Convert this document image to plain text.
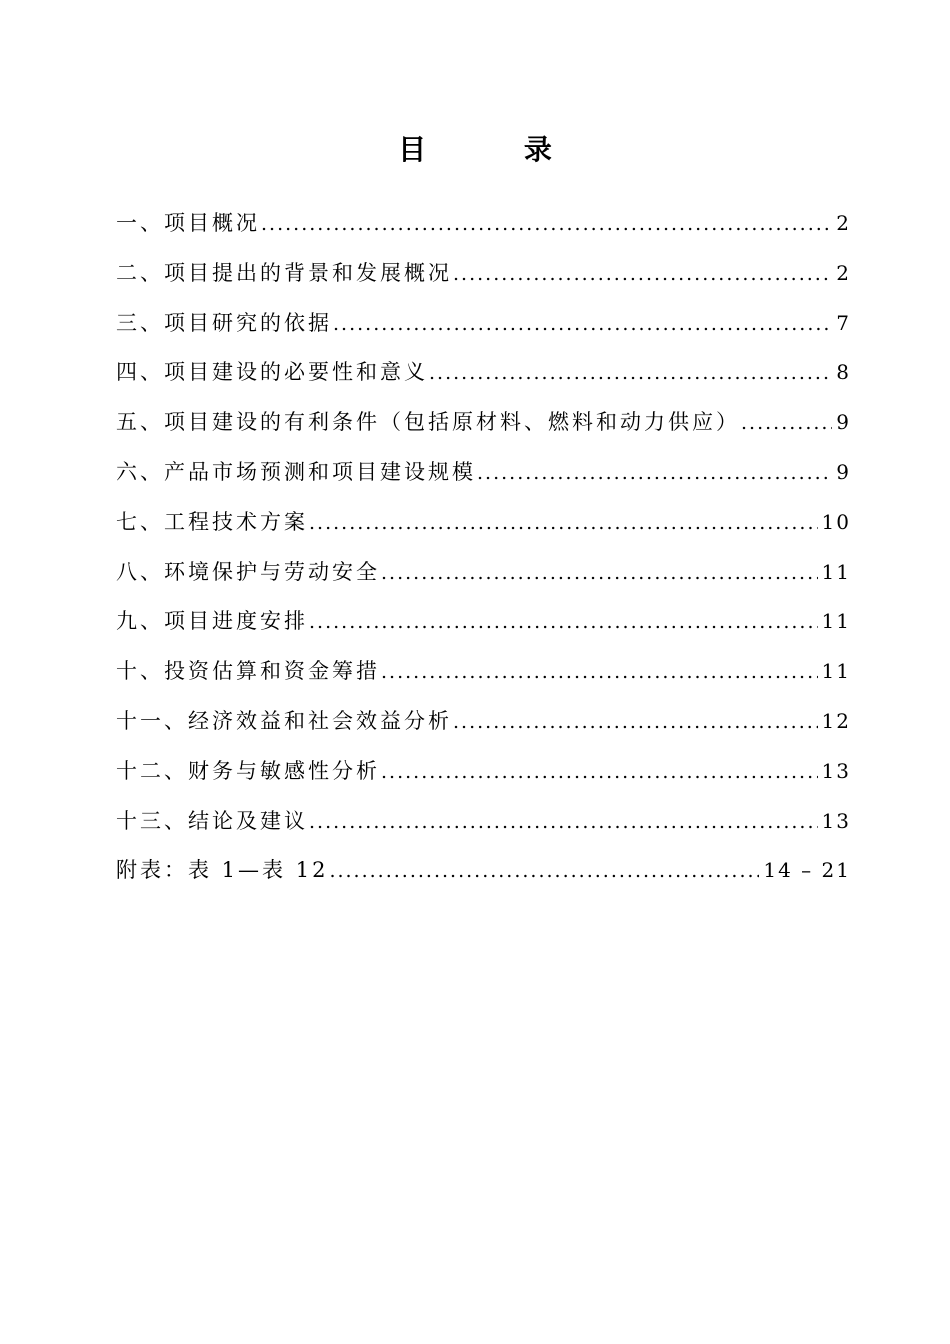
目 录
一、项目概况 .....	2
二、项目提出的背景和发展概况 .....	2
三、项目研究的依据 .....	7
四、项目建设的必要性和意义 .....	8
五、项目建设的有利条件（包括原材料、燃料和动力供应） .....	9
六、产品市场预测和项目建设规模 .....	9
七、工程技术方案 .....	10
八、环境保护与劳动安全 .....	11
九、项目进度安排 .....	11
十、投资估算和资金筹措 .....	11
十一、经济效益和社会效益分析 .....	12
十二、财务与敏感性分析 .....	13
十三、结论及建议 .....	13
附表：表 1—表 12 .....	14 – 21
